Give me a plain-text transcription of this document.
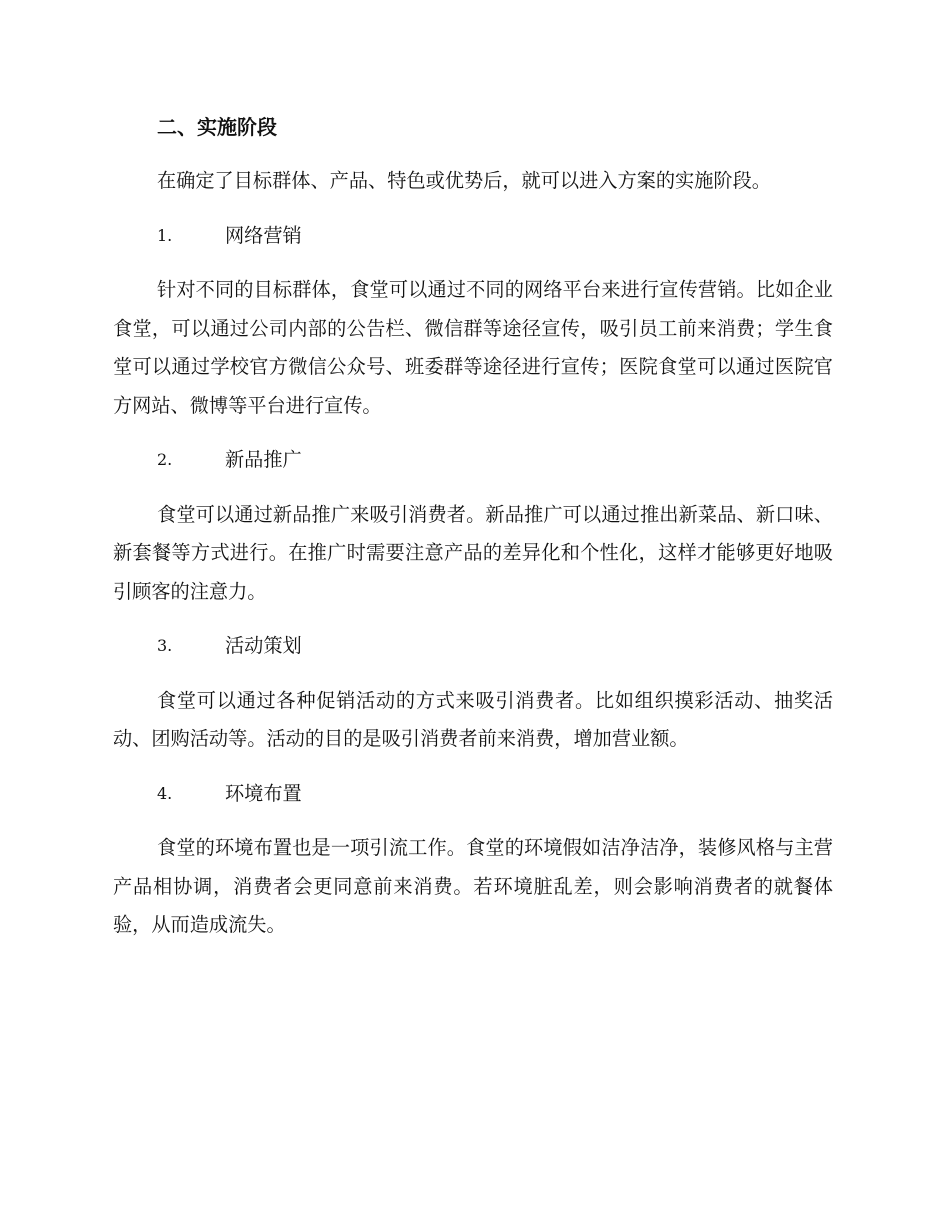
二、实施阶段

在确定了目标群体、产品、特色或优势后，就可以进入方案的实施阶段。

1.	网络营销

针对不同的目标群体，食堂可以通过不同的网络平台来进行宣传营销。比如企业食堂，可以通过公司内部的公告栏、微信群等途径宣传，吸引员工前来消费；学生食堂可以通过学校官方微信公众号、班委群等途径进行宣传；医院食堂可以通过医院官方网站、微博等平台进行宣传。

2.	新品推广

食堂可以通过新品推广来吸引消费者。新品推广可以通过推出新菜品、新口味、新套餐等方式进行。在推广时需要注意产品的差异化和个性化，这样才能够更好地吸引顾客的注意力。

3.	活动策划

食堂可以通过各种促销活动的方式来吸引消费者。比如组织摸彩活动、抽奖活动、团购活动等。活动的目的是吸引消费者前来消费，增加营业额。

4.	环境布置

食堂的环境布置也是一项引流工作。食堂的环境假如洁净洁净，装修风格与主营产品相协调，消费者会更同意前来消费。若环境脏乱差，则会影响消费者的就餐体验，从而造成流失。
